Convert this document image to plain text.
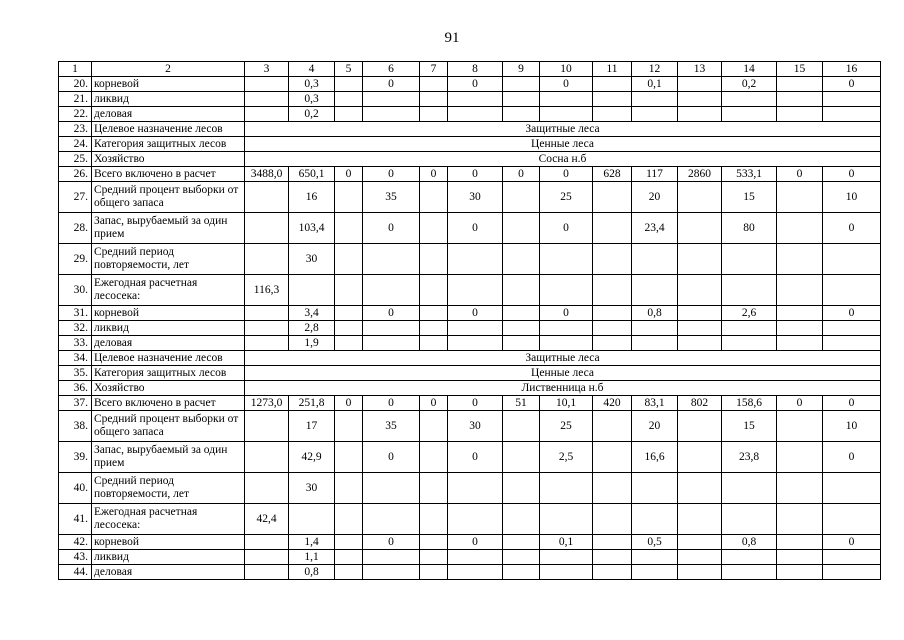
91
1	2	3	4	5	6	7	8	9	10	11	12	13	14	15	16
20.	корневой		0,3		0		0		0		0,1		0,2		0
21.	ликвид		0,3												
22.	деловая		0,2												
23.	Целевое назначение лесов	Защитные леса													
24.	Категория защитных лесов	Ценные леса													
25.	Хозяйство	Сосна н.б													
26.	Всего включено в расчет	3488,0	650,1	0	0	0	0	0	0	628	117	2860	533,1	0	0
27.	Средний процент выборки от общего запаса		16		35		30		25		20		15		10
28.	Запас, вырубаемый за один прием		103,4		0		0		0		23,4		80		0
29.	Средний период повторяемости, лет		30												
30.	Ежегодная расчетная лесосека:	116,3													
31.	корневой		3,4		0		0		0		0,8		2,6		0
32.	ликвид		2,8												
33.	деловая		1,9												
34.	Целевое назначение лесов	Защитные леса													
35.	Категория защитных лесов	Ценные леса													
36.	Хозяйство	Лиственница н.б													
37.	Всего включено в расчет	1273,0	251,8	0	0	0	0	51	10,1	420	83,1	802	158,6	0	0
38.	Средний процент выборки от общего запаса		17		35		30		25		20		15		10
39.	Запас, вырубаемый за один прием		42,9		0		0		2,5		16,6		23,8		0
40.	Средний период повторяемости, лет		30												
41.	Ежегодная расчетная лесосека:	42,4													
42.	корневой		1,4		0		0		0,1		0,5		0,8		0
43.	ликвид		1,1												
44.	деловая		0,8												
